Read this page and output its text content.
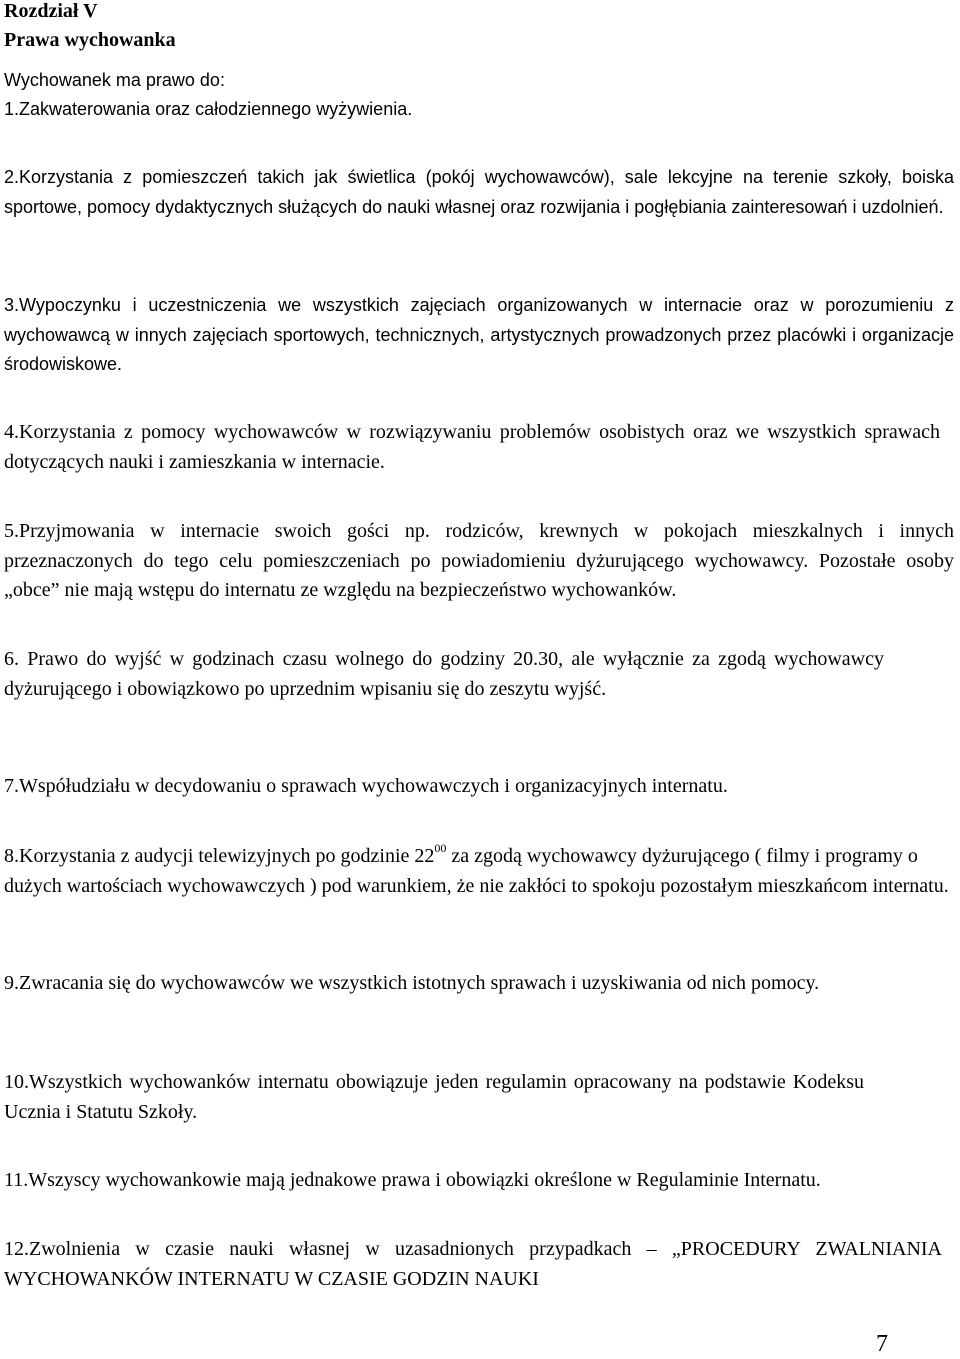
Rozdział V
Prawa wychowanka

Wychowanek ma prawo do:

1.Zakwaterowania oraz całodziennego wyżywienia.

2.Korzystania z pomieszczeń takich jak świetlica (pokój wychowawców), sale lekcyjne na terenie szkoły, boiska sportowe, pomocy dydaktycznych służących do nauki własnej oraz rozwijania i pogłębiania zainteresowań i uzdolnień.

3.Wypoczynku i uczestniczenia we wszystkich zajęciach organizowanych w internacie oraz w porozumieniu z wychowawcą w innych zajęciach sportowych, technicznych, artystycznych prowadzonych przez placówki i organizacje środowiskowe.

4.Korzystania z pomocy wychowawców w rozwiązywaniu problemów osobistych oraz we wszystkich sprawach dotyczących nauki i zamieszkania w internacie.

5.Przyjmowania w internacie swoich gości np. rodziców, krewnych w pokojach mieszkalnych i innych przeznaczonych do tego celu pomieszczeniach po powiadomieniu dyżurującego wychowawcy. Pozostałe osoby „obce” nie mają wstępu do internatu ze względu na bezpieczeństwo wychowanków.

6. Prawo do wyjść w godzinach czasu wolnego do godziny 20.30, ale wyłącznie za zgodą wychowawcy dyżurującego i obowiązkowo po uprzednim wpisaniu się do zeszytu wyjść.

7.Współudziału w decydowaniu o sprawach wychowawczych i organizacyjnych internatu.

8.Korzystania z audycji telewizyjnych po godzinie $22^{00}$ za zgodą wychowawcy dyżurującego ( filmy i programy o dużych wartościach wychowawczych ) pod warunkiem, że nie zakłóci to spokoju pozostałym mieszkańcom internatu.

9.Zwracania się do wychowawców we wszystkich istotnych sprawach i uzyskiwania od nich pomocy.

10.Wszystkich wychowanków internatu obowiązuje jeden regulamin opracowany na podstawie Kodeksu Ucznia i Statutu Szkoły.

11.Wszyscy wychowankowie mają jednakowe prawa i obowiązki określone w Regulaminie Internatu.

12.Zwolnienia w czasie nauki własnej w uzasadnionych przypadkach – „PROCEDURY ZWALNIANIA WYCHOWANKÓW INTERNATU W CZASIE GODZIN NAUKI

7
